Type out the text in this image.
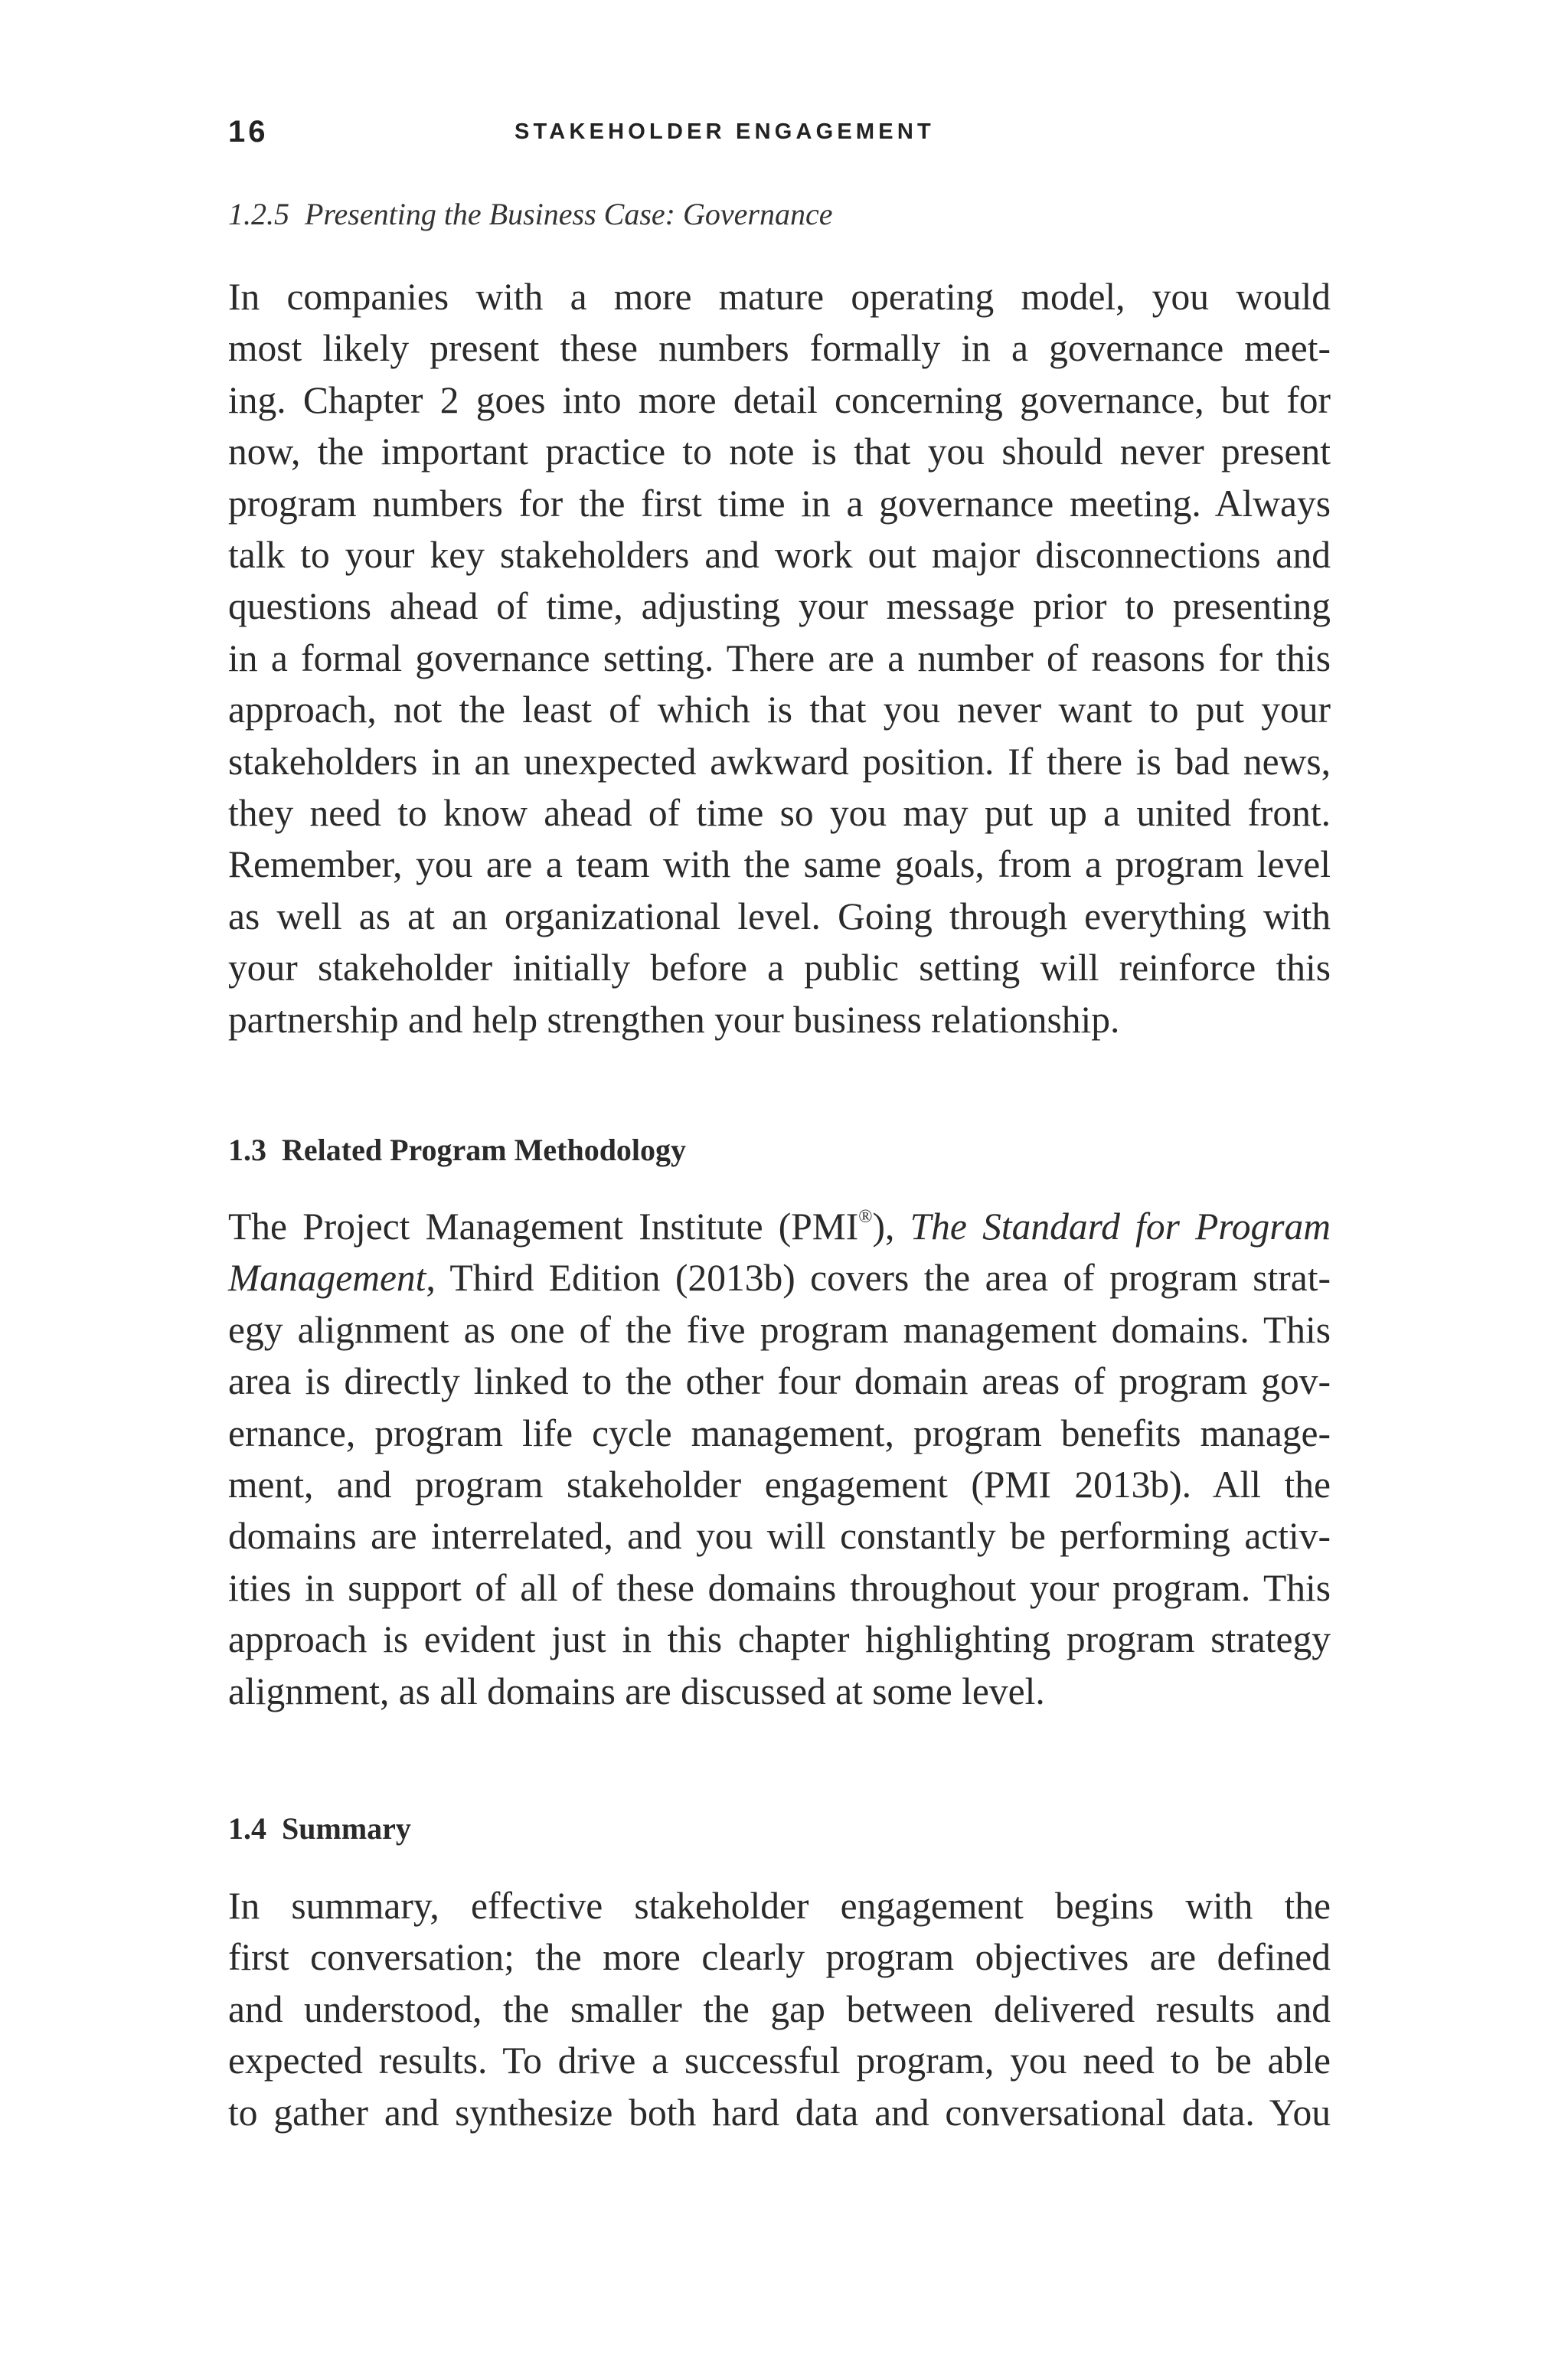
16	STAKEHOLDER ENGAGEMENT
1.2.5 Presenting the Business Case: Governance
In companies with a more mature operating model, you would
most likely present these numbers formally in a governance meet-
ing. Chapter 2 goes into more detail concerning governance, but for
now, the important practice to note is that you should never present
program numbers for the first time in a governance meeting. Always
talk to your key stakeholders and work out major disconnections and
questions ahead of time, adjusting your message prior to presenting
in a formal governance setting. There are a number of reasons for this
approach, not the least of which is that you never want to put your
stakeholders in an unexpected awkward position. If there is bad news,
they need to know ahead of time so you may put up a united front.
Remember, you are a team with the same goals, from a program level
as well as at an organizational level. Going through everything with
your stakeholder initially before a public setting will reinforce this
partnership and help strengthen your business relationship.
1.3 Related Program Methodology
The Project Management Institute (PMI®), The Standard for Program
Management, Third Edition (2013b) covers the area of program strat-
egy alignment as one of the five program management domains. This
area is directly linked to the other four domain areas of program gov-
ernance, program life cycle management, program benefits manage-
ment, and program stakeholder engagement (PMI 2013b). All the
domains are interrelated, and you will constantly be performing activ-
ities in support of all of these domains throughout your program. This
approach is evident just in this chapter highlighting program strategy
alignment, as all domains are discussed at some level.
1.4 Summary
In summary, effective stakeholder engagement begins with the
first conversation; the more clearly program objectives are defined
and understood, the smaller the gap between delivered results and
expected results. To drive a successful program, you need to be able
to gather and synthesize both hard data and conversational data. You
